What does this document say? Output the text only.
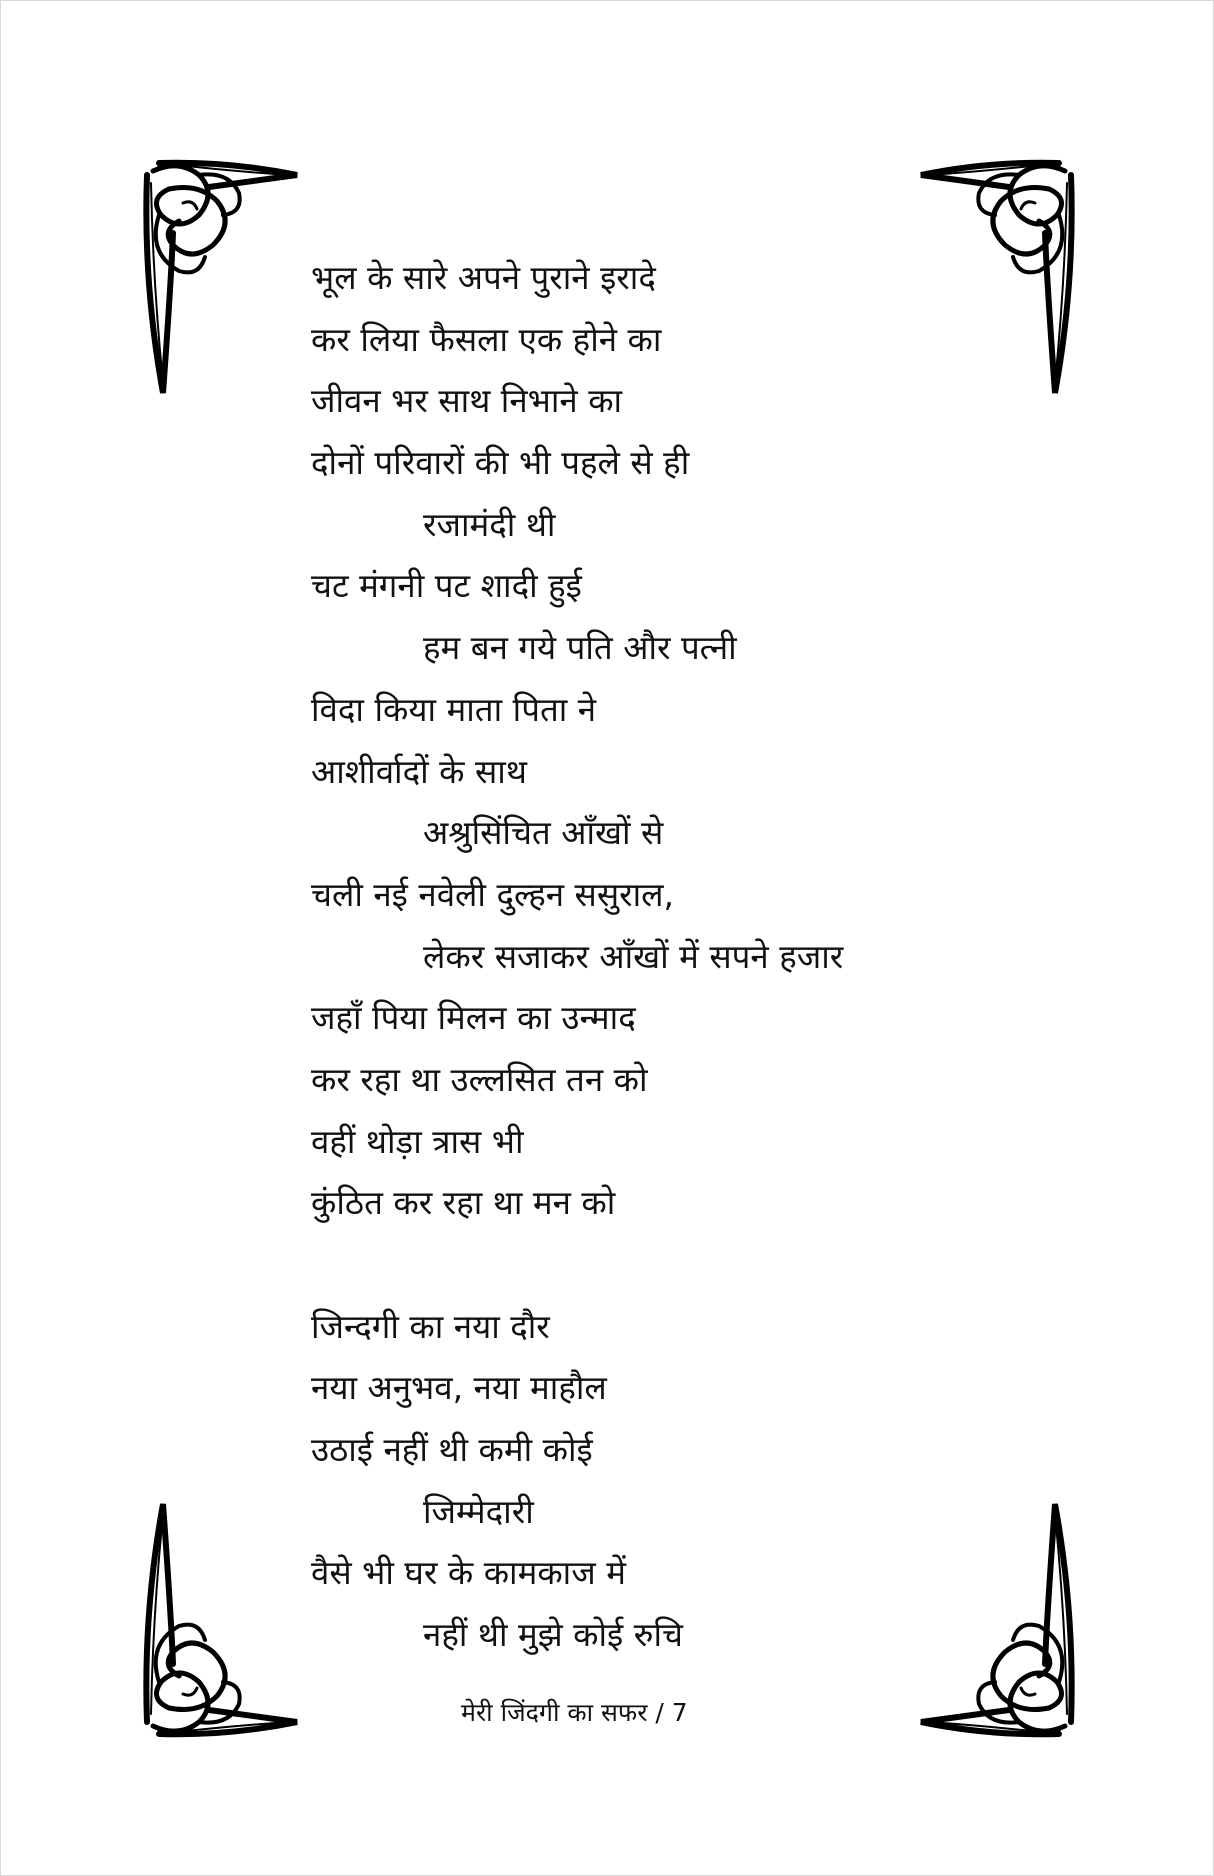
भूल के सारे अपने पुराने इरादे
कर लिया फैसला एक होने का
जीवन भर साथ निभाने का
दोनों परिवारों की भी पहले से ही
रजामंदी थी
चट मंगनी पट शादी हुई
हम बन गये पति और पत्नी
विदा किया माता पिता ने
आशीर्वादों के साथ
अश्रुसिंचित आँखों से
चली नई नवेली दुल्हन ससुराल,
लेकर सजाकर आँखों में सपने हजार
जहाँ पिया मिलन का उन्माद
कर रहा था उल्लसित तन को
वहीं थोड़ा त्रास भी
कुंठित कर रहा था मन को
जिन्दगी का नया दौर
नया अनुभव, नया माहौल
उठाई नहीं थी कमी कोई
जिम्मेदारी
वैसे भी घर के कामकाज में
नहीं थी मुझे कोई रुचि
मेरी जिंदगी का सफर / 7
